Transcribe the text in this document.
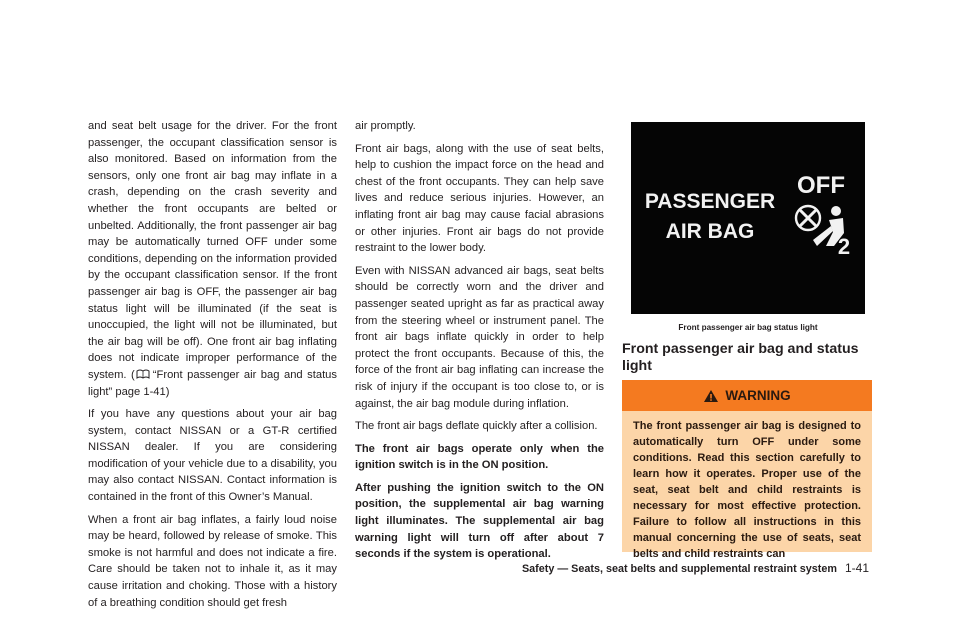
and seat belt usage for the driver. For the front passenger, the occupant classification sensor is also monitored. Based on information from the sensors, only one front air bag may inflate in a crash, depending on the crash severity and whether the front occupants are belted or unbelted. Additionally, the front passenger air bag may be automatically turned OFF under some conditions, depending on the information provided by the occupant classification sensor. If the front passenger air bag is OFF, the passenger air bag status light will be illuminated (if the seat is unoccupied, the light will not be illuminated, but the air bag will be off). One front air bag inflating does not indicate improper performance of the system. ( “Front passenger air bag and status light” page 1-41)

If you have any questions about your air bag system, contact NISSAN or a GT-R certified NISSAN dealer. If you are considering modification of your vehicle due to a disability, you may also contact NISSAN. Contact information is contained in the front of this Owner’s Manual.

When a front air bag inflates, a fairly loud noise may be heard, followed by release of smoke. This smoke is not harmful and does not indicate a fire. Care should be taken not to inhale it, as it may cause irritation and choking. Those with a history of a breathing condition should get fresh

air promptly.

Front air bags, along with the use of seat belts, help to cushion the impact force on the head and chest of the front occupants. They can help save lives and reduce serious injuries. However, an inflating front air bag may cause facial abrasions or other injuries. Front air bags do not provide restraint to the lower body.

Even with NISSAN advanced air bags, seat belts should be correctly worn and the driver and passenger seated upright as far as practical away from the steering wheel or instrument panel. The front air bags inflate quickly in order to help protect the front occupants. Because of this, the force of the front air bag inflating can increase the risk of injury if the occupant is too close to, or is against, the air bag module during inflation.

The front air bags deflate quickly after a collision.

The front air bags operate only when the ignition switch is in the ON position.

After pushing the ignition switch to the ON position, the supplemental air bag warning light illuminates. The supplemental air bag warning light will turn off after about 7 seconds if the system is operational.

PASSENGER
AIR BAG
OFF
2
Front passenger air bag status light
Front passenger air bag and status light
WARNING
The front passenger air bag is designed to automatically turn OFF under some conditions. Read this section carefully to learn how it operates. Proper use of the seat, seat belt and child restraints is necessary for most effective protection. Failure to follow all instructions in this manual concerning the use of seats, seat belts and child restraints can
Safety — Seats, seat belts and supplemental restraint system 1-41
